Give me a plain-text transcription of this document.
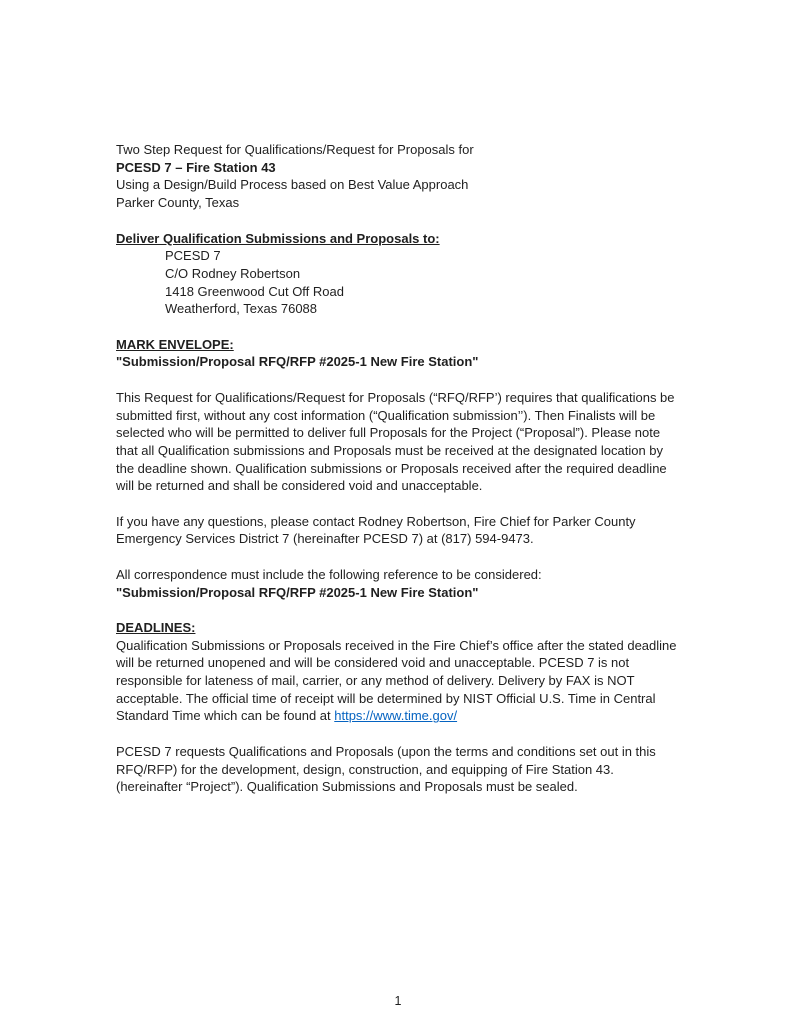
Two Step Request for Qualifications/Request for Proposals for
PCESD 7 – Fire Station 43
Using a Design/Build Process based on Best Value Approach
Parker County, Texas
Deliver Qualification Submissions and Proposals to:
PCESD 7
C/O Rodney Robertson
1418 Greenwood Cut Off Road
Weatherford, Texas 76088
MARK ENVELOPE:
"Submission/Proposal RFQ/RFP #2025-1 New Fire Station"

This Request for Qualifications/Request for Proposals (“RFQ/RFP’) requires that qualifications be submitted first, without any cost information (“Qualification submission’’). Then Finalists will be selected who will be permitted to deliver full Proposals for the Project (“Proposal”). Please note that all Qualification submissions and Proposals must be received at the designated location by the deadline shown. Qualification submissions or Proposals received after the required deadline will be returned and shall be considered void and unacceptable.

If you have any questions, please contact Rodney Robertson, Fire Chief for Parker County Emergency Services District 7 (hereinafter PCESD 7) at (817) 594-9473.

All correspondence must include the following reference to be considered:
"Submission/Proposal RFQ/RFP #2025-1 New Fire Station"
DEADLINES:

Qualification Submissions or Proposals received in the Fire Chief’s office after the stated deadline will be returned unopened and will be considered void and unacceptable. PCESD 7 is not responsible for lateness of mail, carrier, or any method of delivery. Delivery by FAX is NOT acceptable. The official time of receipt will be determined by NIST Official U.S. Time in Central Standard Time which can be found at https://www.time.gov/

PCESD 7 requests Qualifications and Proposals (upon the terms and conditions set out in this RFQ/RFP) for the development, design, construction, and equipping of Fire Station 43. (hereinafter “Project”). Qualification Submissions and Proposals must be sealed.

1
